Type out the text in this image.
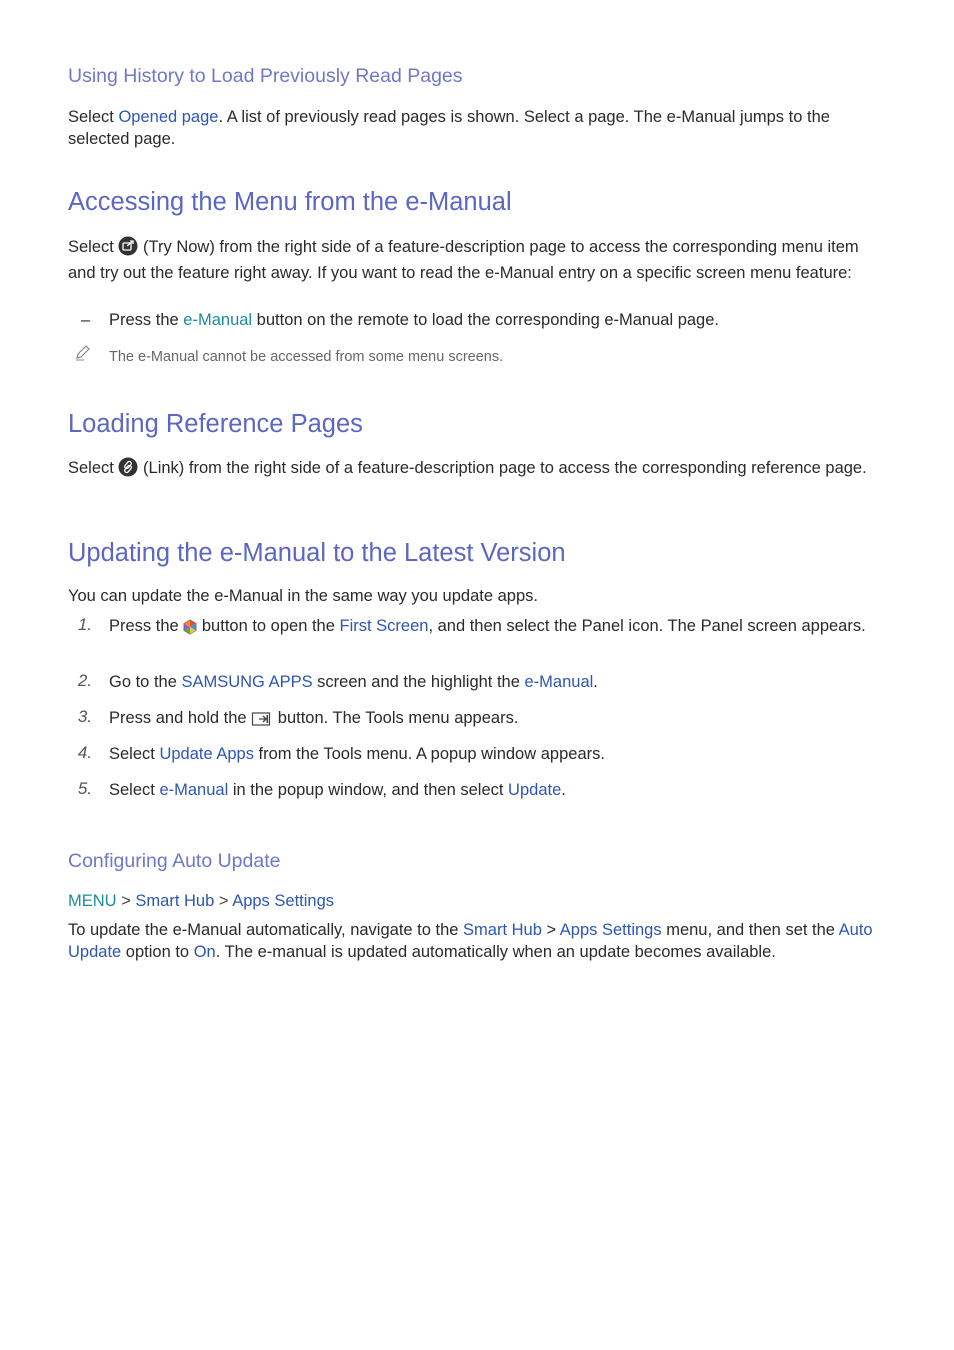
Using History to Load Previously Read Pages
Select Opened page. A list of previously read pages is shown. Select a page. The e-Manual jumps to the selected page.
Accessing the Menu from the e-Manual
Select  (Try Now) from the right side of a feature-description page to access the corresponding menu item and try out the feature right away. If you want to read the e-Manual entry on a specific screen menu feature:
–	Press the e-Manual button on the remote to load the corresponding e-Manual page.
The e-Manual cannot be accessed from some menu screens.
Loading Reference Pages
Select  (Link) from the right side of a feature-description page to access the corresponding reference page.
Updating the e-Manual to the Latest Version
You can update the e-Manual in the same way you update apps.
1. Press the  button to open the First Screen, and then select the Panel icon. The Panel screen appears.
2. Go to the SAMSUNG APPS screen and the highlight the e-Manual.
3. Press and hold the  button. The Tools menu appears.
4. Select Update Apps from the Tools menu. A popup window appears.
5. Select e-Manual in the popup window, and then select Update.
Configuring Auto Update
MENU > Smart Hub > Apps Settings
To update the e-Manual automatically, navigate to the Smart Hub > Apps Settings menu, and then set the Auto Update option to On. The e-manual is updated automatically when an update becomes available.
